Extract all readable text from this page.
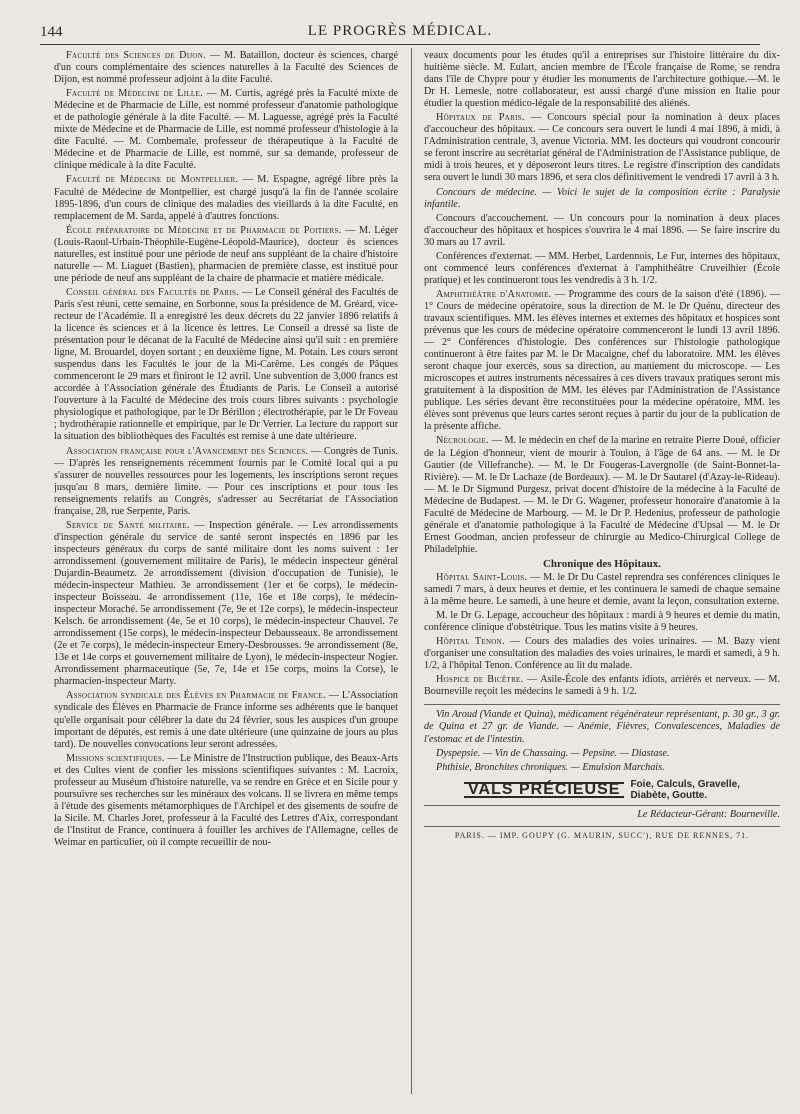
144	LE PROGRÈS MÉDICAL.

Faculté des Sciences de Dijon. — M. Bataillon, docteur ès sciences, chargé d'un cours complémentaire des sciences naturelles à la Faculté des Sciences de Dijon, est nommé professeur adjoint à la dite Faculté.

Faculté de Médecine de Lille. — M. Curtis, agrégé près la Faculté mixte de Médecine et de Pharmacie de Lille, est nommé professeur d'anatomie pathologique et de pathologie générale à la dite Faculté. — M. Laguesse, agrégé près la Faculté mixte de Médecine et de Pharmacie de Lille, est nommé professeur d'histologie à la dite Faculté. — M. Combemale, professeur de thérapeutique à la Faculté de Médecine et de Pharmacie de Lille, est nommé, sur sa demande, professeur de clinique médicale à la dite Faculté.

Faculté de Médecine de Montpellier. — M. Espagne, agrégé libre près la Faculté de Médecine de Montpellier, est chargé jusqu'à la fin de l'année scolaire 1895-1896, d'un cours de clinique des maladies des vieillards à la dite Faculté, en remplacement de M. Sarda, appelé à d'autres fonctions.

École préparatoire de Médecine et de Pharmacie de Poitiers. — M. Léger (Louis-Raoul-Urbain-Théophile-Eugène-Léopold-Maurice), docteur ès sciences naturelles, est institué pour une période de neuf ans suppléant de la chaire d'histoire naturelle — M. Liaguet (Bastien), pharmacien de première classe, est institué pour une période de neuf ans suppléant de la chaire de pharmacie et matière médicale.

Conseil général des Facultés de Paris. — Le Conseil général des Facultés de Paris s'est réuni, cette semaine, en Sorbonne, sous la présidence de M. Gréard, vice-recteur de l'Académie. Il a enregistré les deux décrets du 22 janvier 1896 relatifs à la licence ès sciences et à la licence ès lettres. Le Conseil a dressé sa liste de présentation pour le décanat de la Faculté de Médecine ainsi qu'il suit : en première ligne, M. Brouardel, doyen sortant ; en deuxième ligne, M. Potain. Les cours seront suspendus dans les Facultés le jour de la Mi-Carême. Les congés de Pâques commenceront le 29 mars et finiront le 12 avril. Une subvention de 3,000 francs est accordée à l'Association générale des Étudiants de Paris. Le Conseil a autorisé l'ouverture à la Faculté de Médecine des trois cours libres suivants : psychologie physiologique et pathologique, par le Dr Bérillon ; électrothérapie, par le Dr Foveau ; hydrothérapie rationnelle et empirique, par le Dr Verrier. La lecture du rapport sur la situation des bibliothèques des Facultés est remise à une date ultérieure.

Association française pour l'Avancement des Sciences. — Congrès de Tunis. — D'après les renseignements récemment fournis par le Comité local qui a pu s'assurer de nouvelles ressources pour les logements, les inscriptions seront reçues jusqu'au 8 mars, dernière limite. — Pour ces inscriptions et pour tous les renseignements relatifs au Congrès, s'adresser au Secrétariat de l'Association française, 28, rue Serpente, Paris.

Service de Santé militaire. — Inspection générale. — Les arrondissements d'inspection générale du service de santé seront inspectés en 1896 par les inspecteurs généraux du corps de santé militaire dont les noms suivent : 1er arrondissement (gouvernement militaire de Paris), le médecin inspecteur général Dujardin-Beaumetz. 2e arrondissement (division d'occupation de Tunisie), le médecin-inspecteur Mathieu. 3e arrondissement (1er et 6e corps), le médecin-inspecteur Boisseau. 4e arrondissement (11e, 16e et 18e corps), le médecin-inspecteur Moraché. 5e arrondissement (7e, 9e et 12e corps), le médecin-inspecteur Kelsch. 6e arrondissement (4e, 5e et 10 corps), le médecin-inspecteur Chauvel. 7e arrondissement (15e corps), le médecin-inspecteur Debausseaux. 8e arrondissement (2e et 7e corps), le médecin-inspecteur Emery-Desbrousses. 9e arrondissement (8e, 13e et 14e corps et gouvernement militaire de Lyon), le médecin-inspecteur Nogier. Arrondissement pharmaceutique (5e, 7e, 14e et 15e corps, moins la Corse), le pharmacien-inspecteur Marty.

Association syndicale des Élèves en Pharmacie de France. — L'Association syndicale des Élèves en Pharmacie de France informe ses adhérents que le banquet qu'elle organisait pour célébrer la date du 24 février, sous les auspices d'un groupe important de députés, est remis à une date ultérieure (une quinzaine de jours au plus tard). De nouvelles convocations leur seront adressées.

Missions scientifiques. — Le Ministre de l'Instruction publique, des Beaux-Arts et des Cultes vient de confier les missions scientifiques suivantes : M. Lacroix, professeur au Muséum d'histoire naturelle, va se rendre en Grèce et en Sicile pour y poursuivre ses recherches sur les minéraux des volcans. Il se livrera en même temps à l'étude des gisements métamorphiques de l'Archipel et des gisements de soufre de la Sicile. M. Charles Joret, professeur à la Faculté des Lettres d'Aix, correspondant de l'Institut de France, continuera à fouiller les archives de l'Allemagne, celles de Weimar en particulier, où il compte recueillir de nou-

veaux documents pour les études qu'il a entreprises sur l'histoire littéraire du dix-huitième siècle. M. Eulart, ancien membre de l'École française de Rome, se rendra dans l'île de Chypre pour y étudier les monuments de l'architecture gothique.—M. le Dr H. Lemesle, notre collaborateur, est aussi chargé d'une mission en Italie pour étudier la question médico-légale de la responsabilité des aliénés.

Hôpitaux de Paris. — Concours spécial pour la nomination à deux places d'accoucheur des hôpitaux. — Ce concours sera ouvert le lundi 4 mai 1896, à midi, à l'Administration centrale, 3, avenue Victoria. MM. les docteurs qui voudront concourir se feront inscrire au secrétariat général de l'Administration de l'Assistance publique, de midi à trois heures, et y déposeront leurs titres. Le registre d'inscription des candidats sera ouvert le lundi 30 mars 1896, et sera clos définitivement le vendredi 17 avril à 3 h.

Concours de médecine. — Voici le sujet de la composition écrite : Paralysie infantile.

Concours d'accouchement. — Un concours pour la nomination à deux places d'accoucheur des hôpitaux et hospices s'ouvrira le 4 mai 1896. — Se faire inscrire du 30 mars au 17 avril.

Conférences d'externat. — MM. Herbet, Lardennois, Le Fur, internes des hôpitaux, ont commencé leurs conférences d'externat à l'amphithéâtre Cruveilhier (École pratique) et les continueront tous les vendredis à 3 h. 1/2.

Amphithéâtre d'Anatomie. — Programme des cours de la saison d'été (1896). — 1° Cours de médecine opératoire, sous la direction de M. le Dr Quénu, directeur des travaux scientifiques. MM. les élèves internes et externes des hôpitaux et hospices sont prévenus que les cours de médecine opératoire commenceront le lundi 13 avril 1896. — 2° Conférences d'histologie. Des conférences sur l'histologie pathologique continueront à être faites par M. le Dr Macaigne, chef du laboratoire. MM. les élèves seront chaque jour exercés, sous sa direction, au maniement du microscope. — Les microscopes et autres instruments nécessaires à ces divers travaux pratiques seront mis gratuitement à la disposition de MM. les élèves par l'Administration de l'Assistance publique. Les séries devant être reconstituées pour la médecine opératoire, MM. les élèves sont prévenus que leurs cartes seront reçues à partir du jour de la publication de la présente affiche.

Nécrologie. — M. le médecin en chef de la marine en retraite Pierre Doué, officier de la Légion d'honneur, vient de mourir à Toulon, à l'âge de 64 ans. — M. le Dr Gautier (de Villefranche). — M. le Dr Fougeras-Lavergnolle (de Saint-Bonnet-la-Rivière). — M. le Dr Lachaze (de Bordeaux). — M. le Dr Sautarel (d'Azay-le-Rideau). — M. le Dr Sigmund Purgesz, privat docent d'histoire de la médecine à la Faculté de Médecine de Budapest. — M. le Dr G. Wagener, professeur honoraire d'anatomie à la Faculté de Médecine de Marbourg. — M. le Dr P. Hedenius, professeur de pathologie générale et d'anatomie pathologique à la Faculté de Médecine d'Upsal — M. le Dr Ernest Goodman, ancien professeur de chirurgie au Medico-Chirurgical College de Philadelphie.

Chronique des Hôpitaux.

Hôpital Saint-Louis. — M. le Dr Du Castel reprendra ses conférences cliniques le samedi 7 mars, à deux heures et demie, et les continuera le samedi de chaque semaine à la même heure. Le samedi, à une heure et demie, avant la leçon, consultation externe.

M. le Dr G. Lepage, accoucheur des hôpitaux : mardi à 9 heures et demie du matin, conférence clinique d'obstétrique. Tous les matins visite à 9 heures.

Hôpital Tenon. — Cours des maladies des voies urinaires. — M. Bazy vient d'organiser une consultation des maladies des voies urinaires, le mardi et samedi, à 9 h. 1/2, à l'hôpital Tenon. Conférence au lit du malade.

Hospice de Bicêtre. — Asile-École des enfants idiots, arriérés et nerveux. — M. Bourneville reçoit les médecins le samedi à 9 h. 1/2.

Vin Aroud (Viande et Quina), médicament régénérateur représentant, p. 30 gr., 3 gr. de Quina et 27 gr. de Viande. — Anémie, Fièvres, Convalescences, Maladies de l'estomac et de l'intestin.

Dyspepsie. — Vin de Chassaing. — Pepsine. — Diastase.

Phthisie, Bronchites chroniques. — Emulsion Marchais.

VALS PRÉCIEUSE	Foie, Calculs, Gravelle,
Diabète, Goutte.
Le Rédacteur-Gérant: Bourneville.
PARIS. — IMP. GOUPY (G. MAURIN, SUCC'), RUE DE RENNES, 71.
